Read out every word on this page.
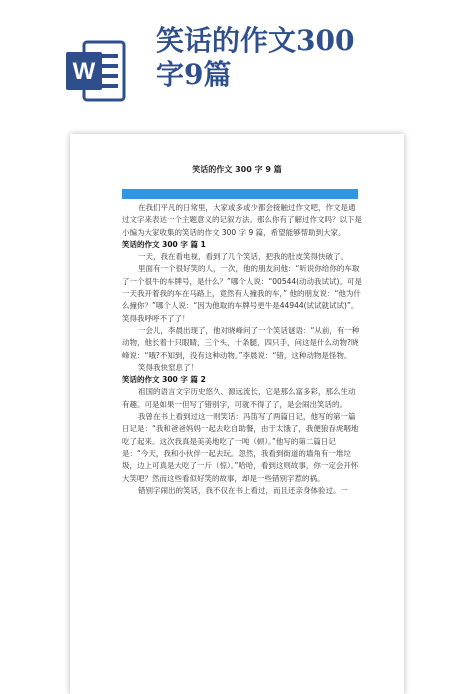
W
笑话的作文300
字9篇
笑话的作文 300 字 9 篇

在我们平凡的日常里，大家或多或少都会接触过作文吧，作文是通过文字来表达一个主题意义的记叙方法。那么你有了解过作文吗？以下是小编为大家收集的笑话的作文 300 字 9 篇，希望能够帮助到大家。

笑话的作文 300 字 篇 1

一天，我在看电视，看到了几个笑话，把我的肚皮笑得快破了。

里面有一个很好笑的人，一次，他的朋友问他：“听说你给你的车取了一个很牛的车牌号，是什么？”哪个人说：“00544(动动我试试)。可是一天我开着我的车在马路上，竟然有人撞我的车，” 他的朋友说：“他为什么撞你？”哪个人说：“因为他取的车牌号更牛是44944(试试就试试)”。笑得我呼呼不了了！

一会儿，李晨出现了，他对晓峰问了一个笑话谜语：“从前，有一种动物，他长着十只眼睛，三个头，十条腿，四只手，问这是什么动物?晓峰说：“哦?不知到，没有这种动物。”李晨说：“错，这种动物是怪物。

笑得我快窒息了！

笑话的作文 300 字 篇 2

祖国的语言文字历史悠久、源远流长，它是那么富多彩，那么生动有趣。可是如果一但写了错别字，可就不得了了，是会闹出笑话的。

我曾在书上看到过这一则笑话：冯笛写了两篇日记，他写的第一篇日记是：“我和爸爸妈妈一起去吃自助餐，由于太饿了，我便狼吞虎咽地吃了起来。这次我真是美美地吃了一吨（顿）。”他写的第二篇日记是：“今天，我和小伙伴一起去玩。忽然，我看到街道的墙角有一堆垃圾，边上可真是大吃了一斤（惊）。”哈哈，看到这则故事，你一定会开怀大笑吧？然而这些看似好笑的故事，却是一些错别字惹的祸。

错别字闹出的笑话，我不仅在书上看过，而且还亲身体验过。一
